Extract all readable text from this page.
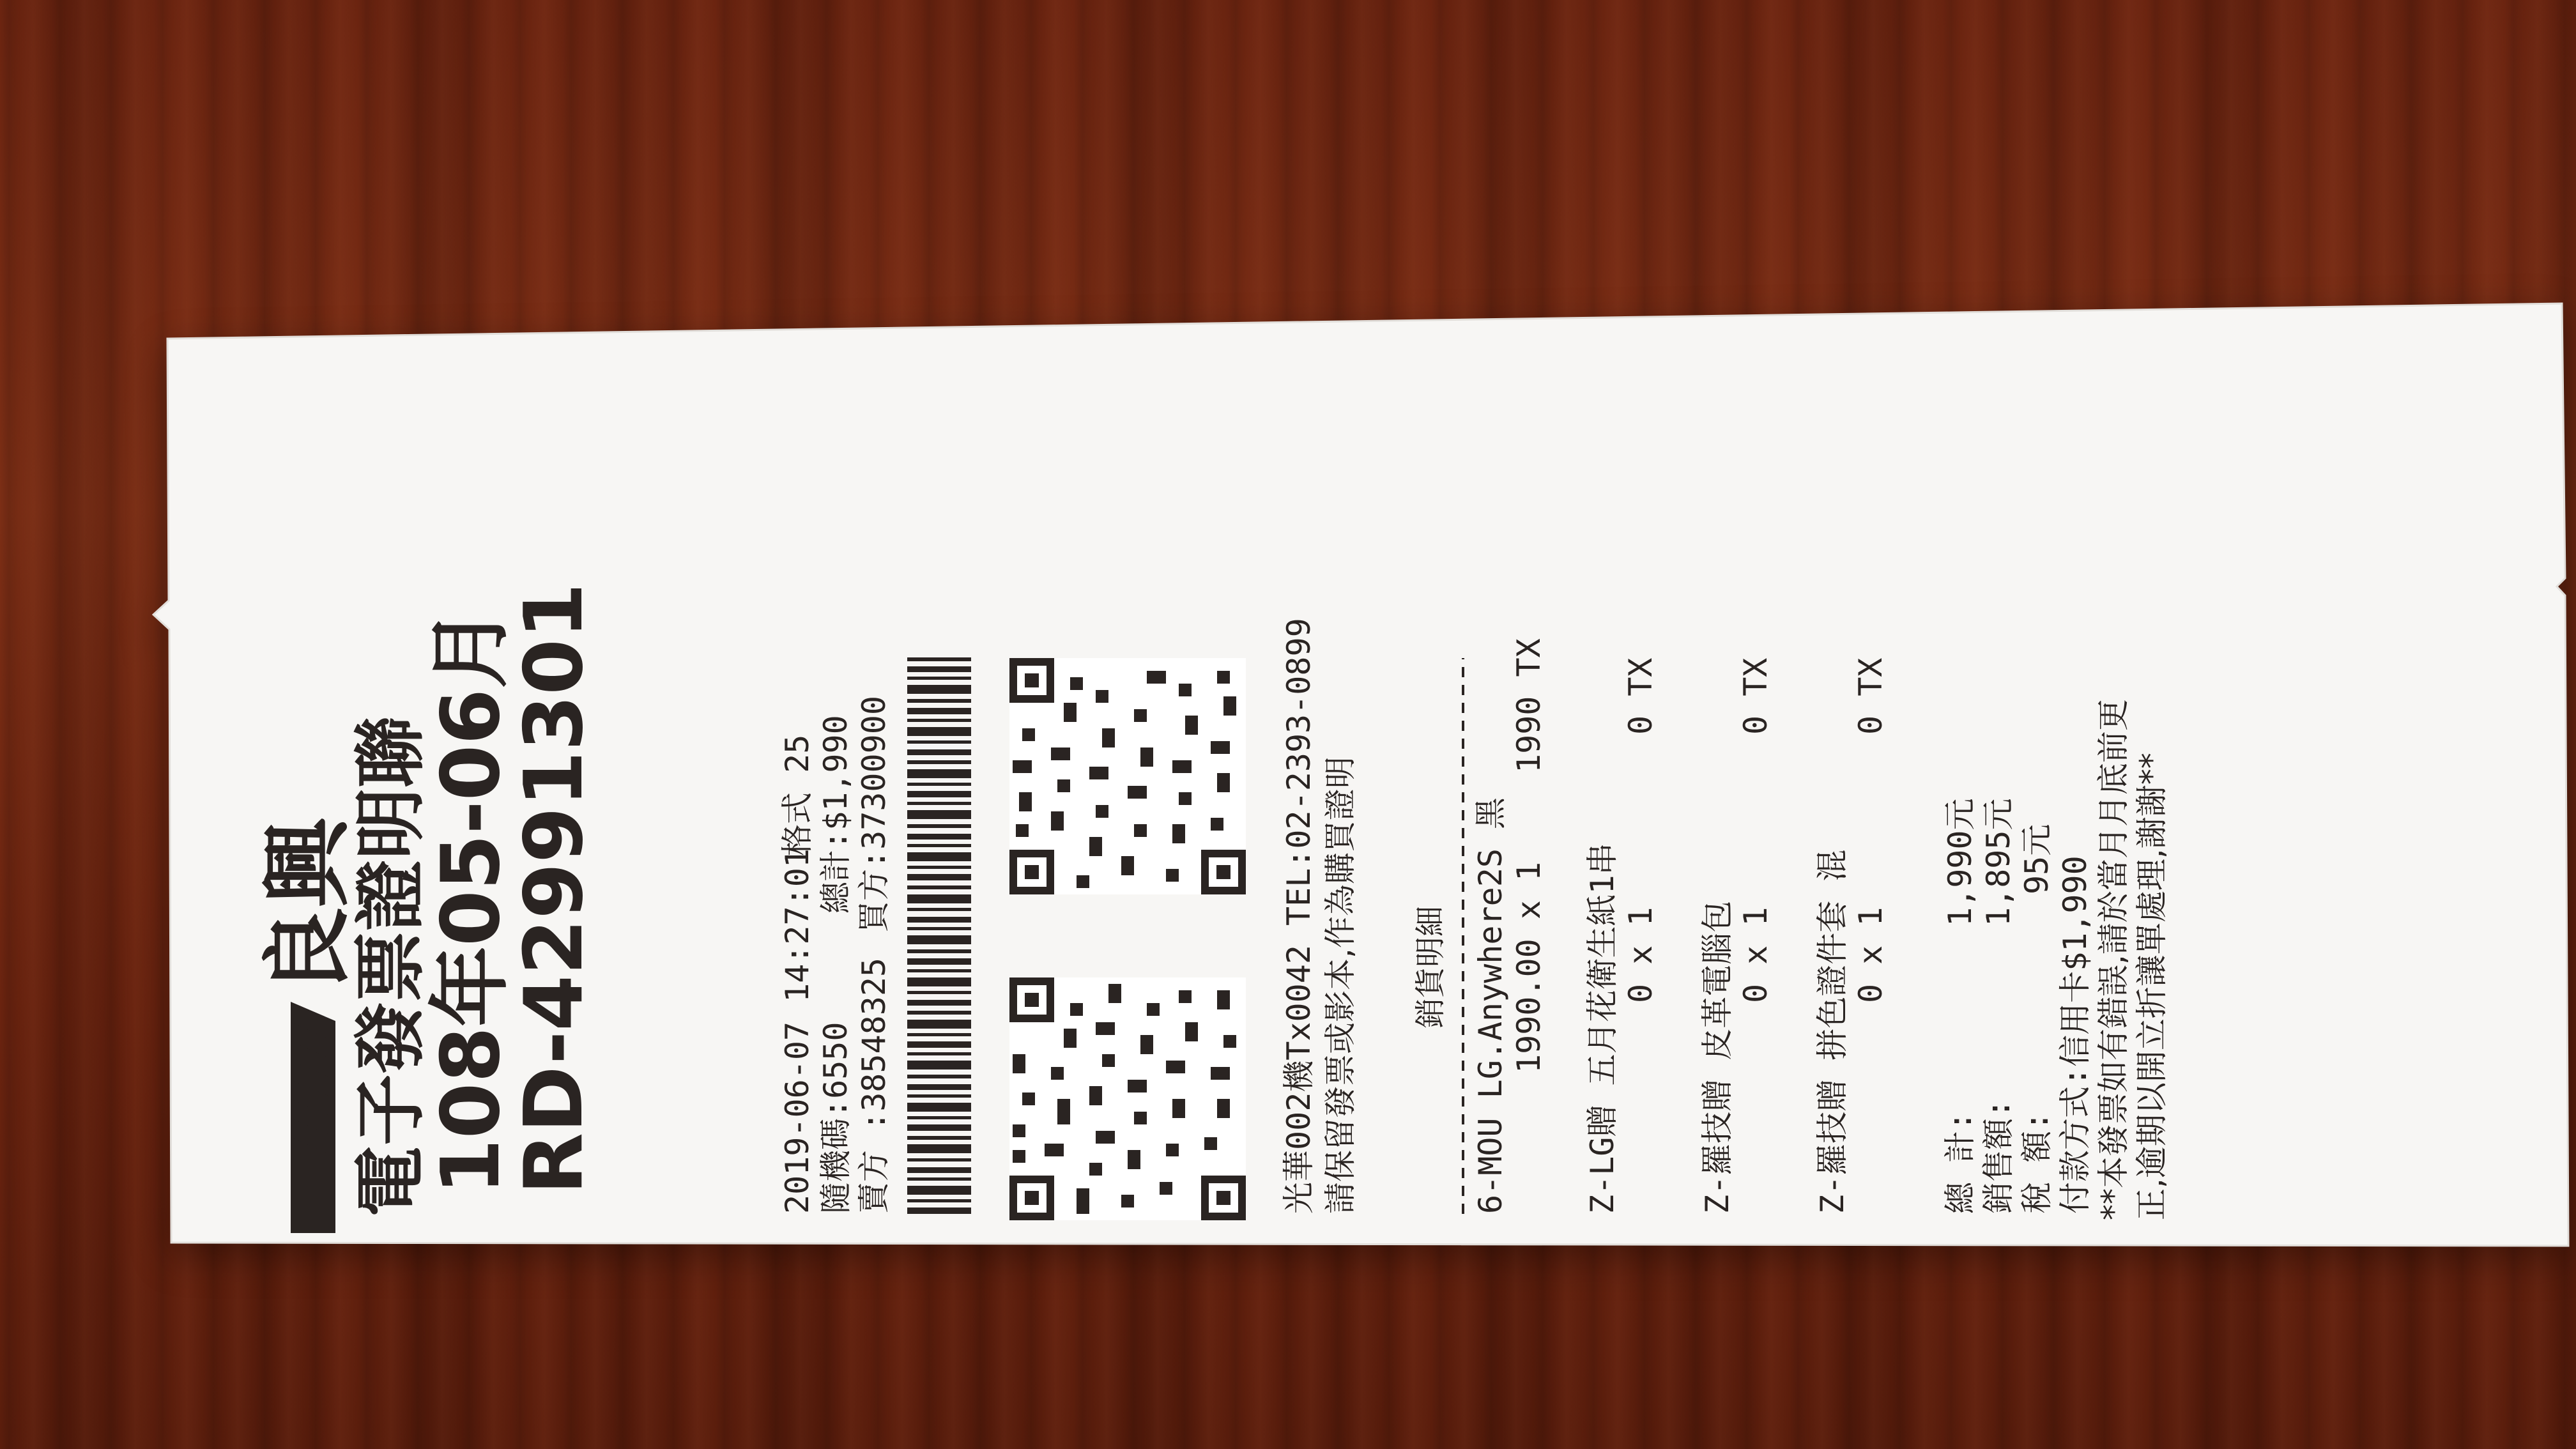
良興
電子發票證明聯
108年05-06月
RD-42991301	2019-06-07 14:27:01
格式 25
隨機碼:6550
總計:$1,990
賣方 :38548325
買方:37300900	光華002機Tx0042 TEL:02-2393-0899 請保留發票或影本,作為購買證明 銷貨明細 6-MOU LG.Anywhere2S 黑 1990.00 x 1
1990 TX
Z-LG贈 五月花衛生紙1串 0 x 1
0 TX
Z-羅技贈 皮革電腦包 0 x 1
0 TX
Z-羅技贈 拼色證件套 混 0 x 1
0 TX
總 計:
1,990元
銷售額:
1,895元
稅 額:
95元 付款方式:信用卡$1,990 **本發票如有錯誤,請於當月月底前更 正,逾期以開立折讓單處理,謝謝**
